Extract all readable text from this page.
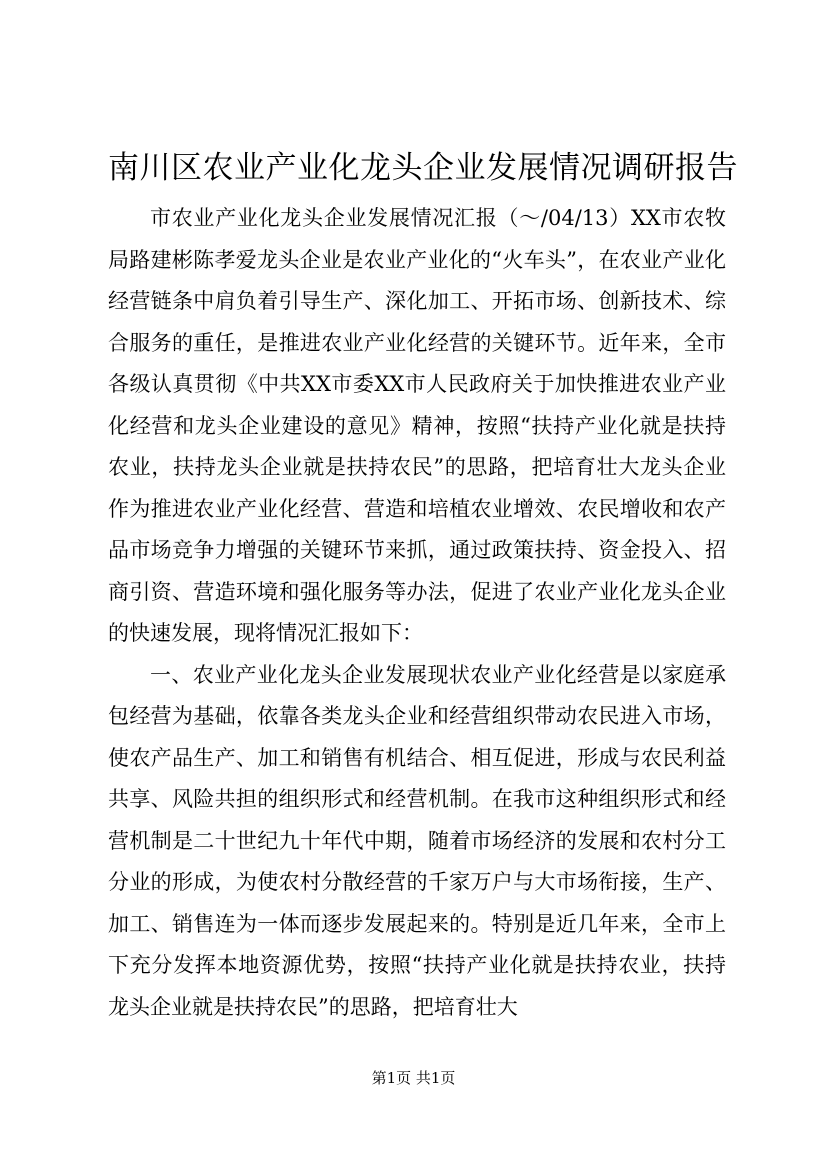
南川区农业产业化龙头企业发展情况调研报告

市农业产业化龙头企业发展情况汇报（～/04/13）XX市农牧局路建彬陈孝爱龙头企业是农业产业化的“火车头”，在农业产业化经营链条中肩负着引导生产、深化加工、开拓市场、创新技术、综合服务的重任，是推进农业产业化经营的关键环节。近年来，全市各级认真贯彻《中共XX市委XX市人民政府关于加快推进农业产业化经营和龙头企业建设的意见》精神，按照“扶持产业化就是扶持农业，扶持龙头企业就是扶持农民”的思路，把培育壮大龙头企业作为推进农业产业化经营、营造和培植农业增效、农民增收和农产品市场竞争力增强的关键环节来抓，通过政策扶持、资金投入、招商引资、营造环境和强化服务等办法，促进了农业产业化龙头企业的快速发展，现将情况汇报如下：

一、农业产业化龙头企业发展现状农业产业化经营是以家庭承包经营为基础，依靠各类龙头企业和经营组织带动农民进入市场，使农产品生产、加工和销售有机结合、相互促进，形成与农民利益共享、风险共担的组织形式和经营机制。在我市这种组织形式和经营机制是二十世纪九十年代中期，随着市场经济的发展和农村分工分业的形成，为使农村分散经营的千家万户与大市场衔接，生产、加工、销售连为一体而逐步发展起来的。特别是近几年来，全市上下充分发挥本地资源优势，按照“扶持产业化就是扶持农业，扶持龙头企业就是扶持农民”的思路，把培育壮大

第1页 共1页
